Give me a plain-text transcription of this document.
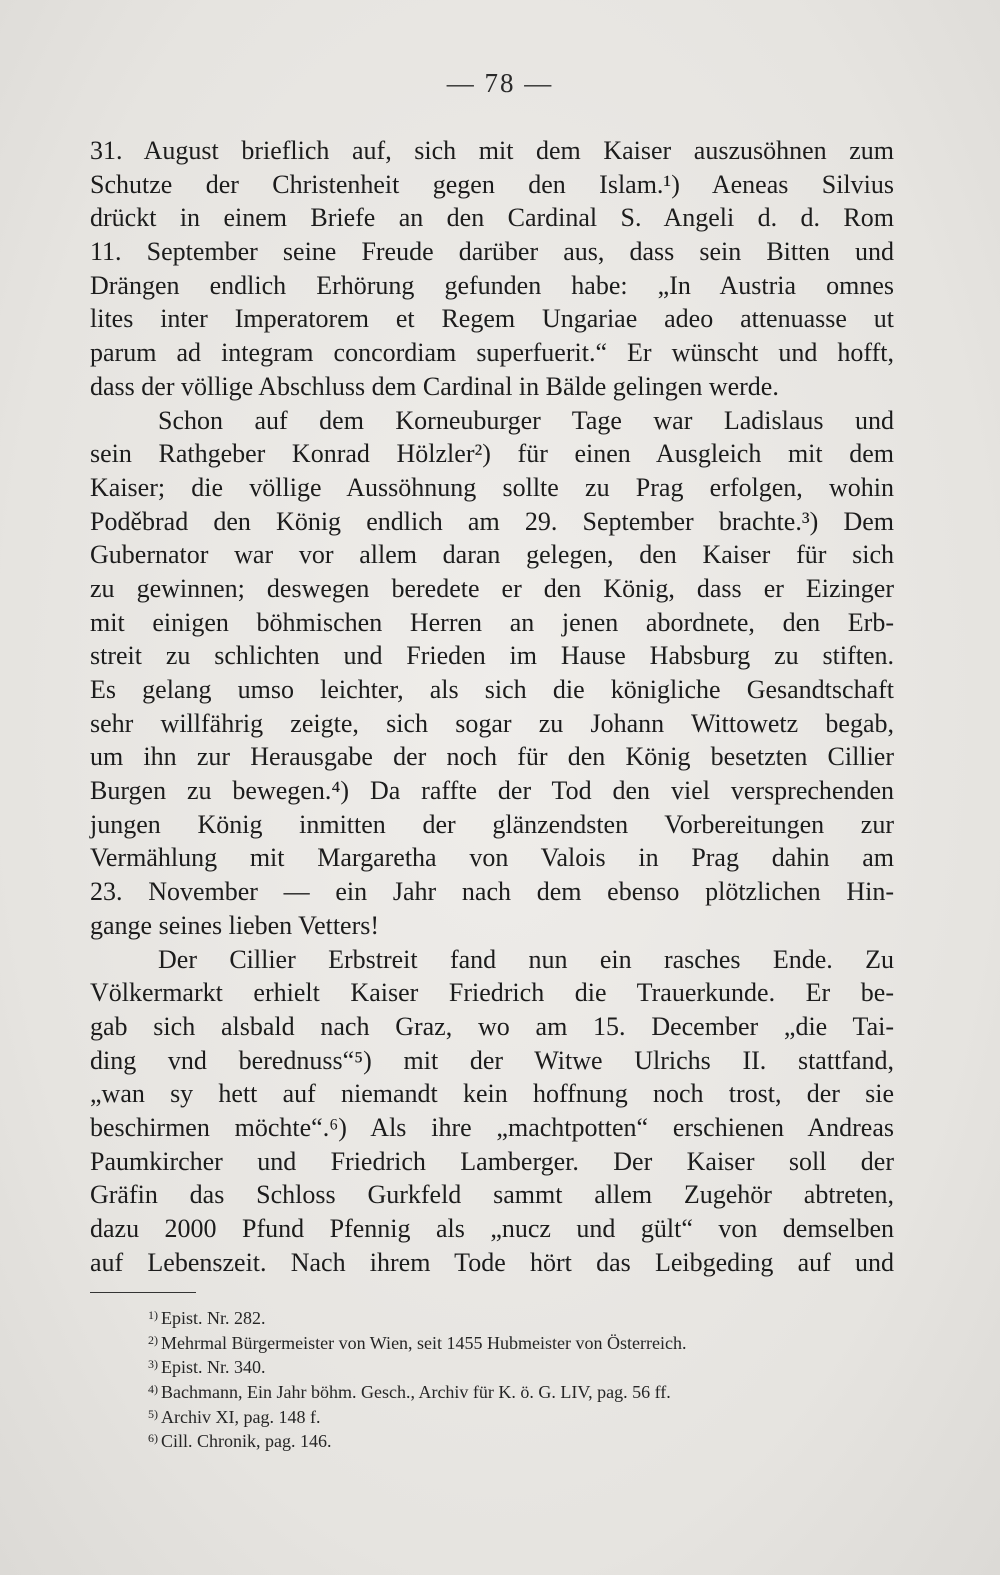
— 78 —
31. August brieflich auf, sich mit dem Kaiser auszusöhnen zum
Schutze der Christenheit gegen den Islam.¹) Aeneas Silvius
drückt in einem Briefe an den Cardinal S. Angeli d. d. Rom
11. September seine Freude darüber aus, dass sein Bitten und
Drängen endlich Erhörung gefunden habe: „In Austria omnes
lites inter Imperatorem et Regem Ungariae adeo attenuasse ut
parum ad integram concordiam superfuerit.“ Er wünscht und hofft,
dass der völlige Abschluss dem Cardinal in Bälde gelingen werde.
Schon auf dem Korneuburger Tage war Ladislaus und
sein Rathgeber Konrad Hölzler²) für einen Ausgleich mit dem
Kaiser; die völlige Aussöhnung sollte zu Prag erfolgen, wohin
Poděbrad den König endlich am 29. September brachte.³) Dem
Gubernator war vor allem daran gelegen, den Kaiser für sich
zu gewinnen; deswegen beredete er den König, dass er Eizinger
mit einigen böhmischen Herren an jenen abordnete, den Erb-
streit zu schlichten und Frieden im Hause Habsburg zu stiften.
Es gelang umso leichter, als sich die königliche Gesandtschaft
sehr willfährig zeigte, sich sogar zu Johann Wittowetz begab,
um ihn zur Herausgabe der noch für den König besetzten Cillier
Burgen zu bewegen.⁴) Da raffte der Tod den viel versprechenden
jungen König inmitten der glänzendsten Vorbereitungen zur
Vermählung mit Margaretha von Valois in Prag dahin am
23. November — ein Jahr nach dem ebenso plötzlichen Hin-
gange seines lieben Vetters!
Der Cillier Erbstreit fand nun ein rasches Ende. Zu
Völkermarkt erhielt Kaiser Friedrich die Trauerkunde. Er be-
gab sich alsbald nach Graz, wo am 15. December „die Tai-
ding vnd berednuss“⁵) mit der Witwe Ulrichs II. stattfand,
„wan sy hett auf niemandt kein hoffnung noch trost, der sie
beschirmen möchte“.⁶) Als ihre „machtpotten“ erschienen Andreas
Paumkircher und Friedrich Lamberger. Der Kaiser soll der
Gräfin das Schloss Gurkfeld sammt allem Zugehör abtreten,
dazu 2000 Pfund Pfennig als „nucz und gült“ von demselben
auf Lebenszeit. Nach ihrem Tode hört das Leibgeding auf und
$^{1)}$ Epist. Nr. 282.
$^{2)}$ Mehrmal Bürgermeister von Wien, seit 1455 Hubmeister von Österreich.
$^{3)}$ Epist. Nr. 340.
$^{4)}$ Bachmann, Ein Jahr böhm. Gesch., Archiv für K. ö. G. LIV, pag. 56 ff.
$^{5)}$ Archiv XI, pag. 148 f.
$^{6)}$ Cill. Chronik, pag. 146.
